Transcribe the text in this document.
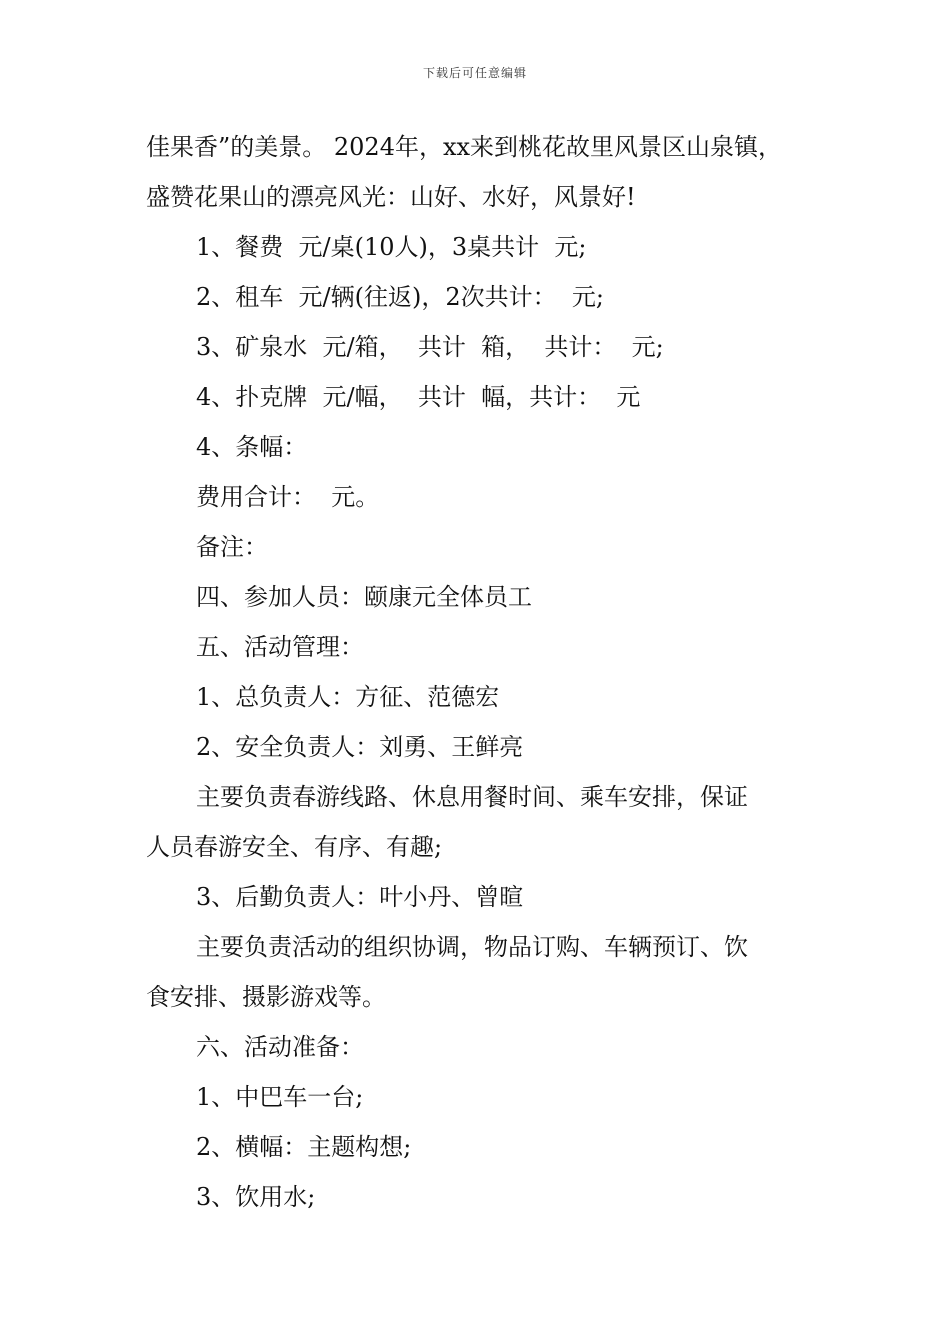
下载后可任意编辑
佳果香”的美景。 2024年，xx来到桃花故里风景区山泉镇，
盛赞花果山的漂亮风光：山好、水好，风景好!
1、餐费  元/桌(10人)，3桌共计  元;
2、租车  元/辆(往返)，2次共计：  元;
3、矿泉水  元/箱，  共计  箱，  共计：  元;
4、扑克牌  元/幅，  共计  幅，共计：  元
4、条幅：
费用合计：  元。
备注：
四、参加人员：颐康元全体员工
五、活动管理：
1、总负责人：方征、范德宏
2、安全负责人：刘勇、王鲜亮
主要负责春游线路、休息用餐时间、乘车安排，保证
人员春游安全、有序、有趣;
3、后勤负责人：叶小丹、曾暄
主要负责活动的组织协调，物品订购、车辆预订、饮
食安排、摄影游戏等。
六、活动准备：
1、中巴车一台;
2、横幅：主题构想;
3、饮用水;
